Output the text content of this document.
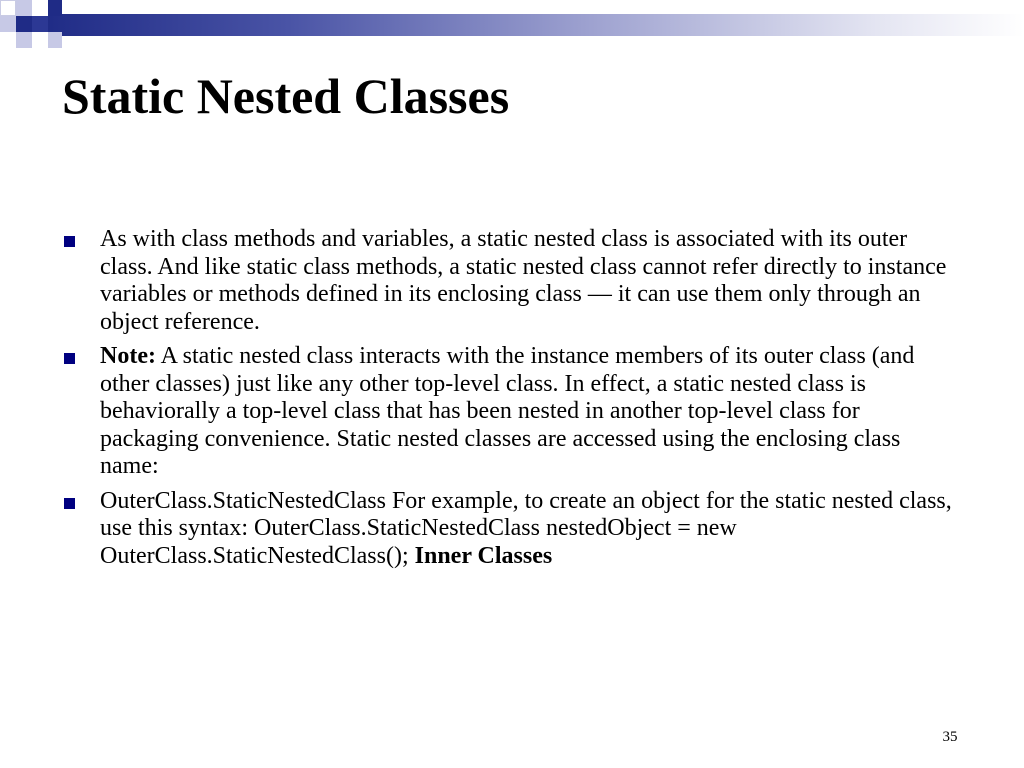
Static Nested Classes
As with class methods and variables, a static nested class is associated with its outer class. And like static class methods, a static nested class cannot refer directly to instance variables or methods defined in its enclosing class — it can use them only through an object reference.
Note: A static nested class interacts with the instance members of its outer class (and other classes) just like any other top-level class. In effect, a static nested class is behaviorally a top-level class that has been nested in another top-level class for packaging convenience. Static nested classes are accessed using the enclosing class name:
OuterClass.StaticNestedClass For example, to create an object for the static nested class, use this syntax: OuterClass.StaticNestedClass nestedObject = new OuterClass.StaticNestedClass(); Inner Classes
35
